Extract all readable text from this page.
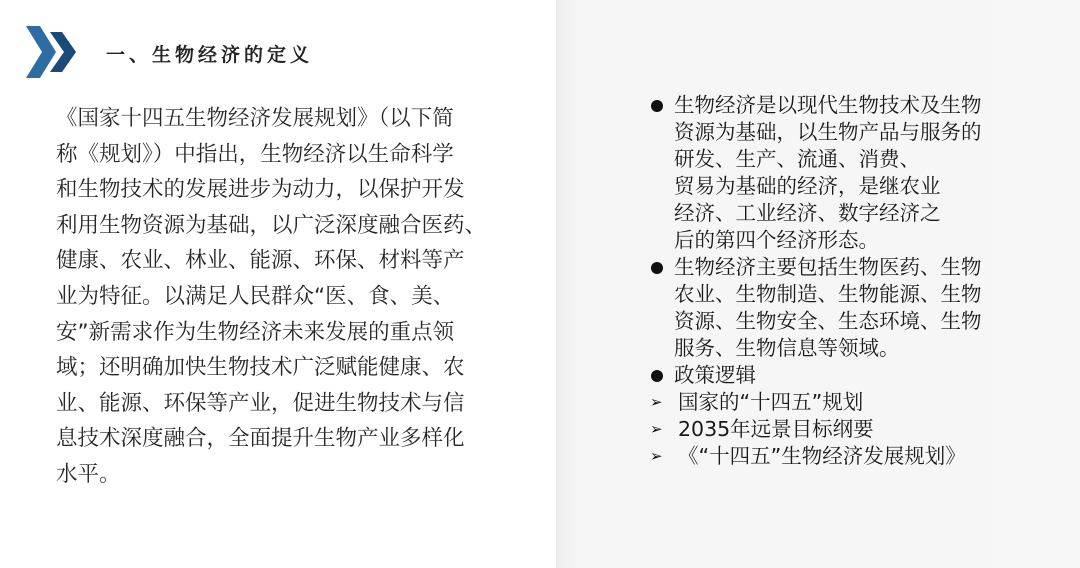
一、生物经济的定义
《国家十四五生物经济发展规划》（以下简
称《规划》）中指出，生物经济以生命科学
和生物技术的发展进步为动力，以保护开发
利用生物资源为基础，以广泛深度融合医药、
健康、农业、林业、能源、环保、材料等产
业为特征。以满足人民群众“医、食、美、
安”新需求作为生物经济未来发展的重点领
域；还明确加快生物技术广泛赋能健康、农
业、能源、环保等产业，促进生物技术与信
息技术深度融合，全面提升生物产业多样化
水平。
生物经济是以现代生物技术及生物
资源为基础，以生物产品与服务的
研发、生产、流通、消费、
贸易为基础的经济，是继农业
经济、工业经济、数字经济之
后的第四个经济形态。
生物经济主要包括生物医药、生物
农业、生物制造、生物能源、生物
资源、生物安全、生态环境、生物
服务、生物信息等领域。
政策逻辑
➢ 国家的“十四五”规划
➢ 2035年远景目标纲要
➢ 《“十四五”生物经济发展规划》
